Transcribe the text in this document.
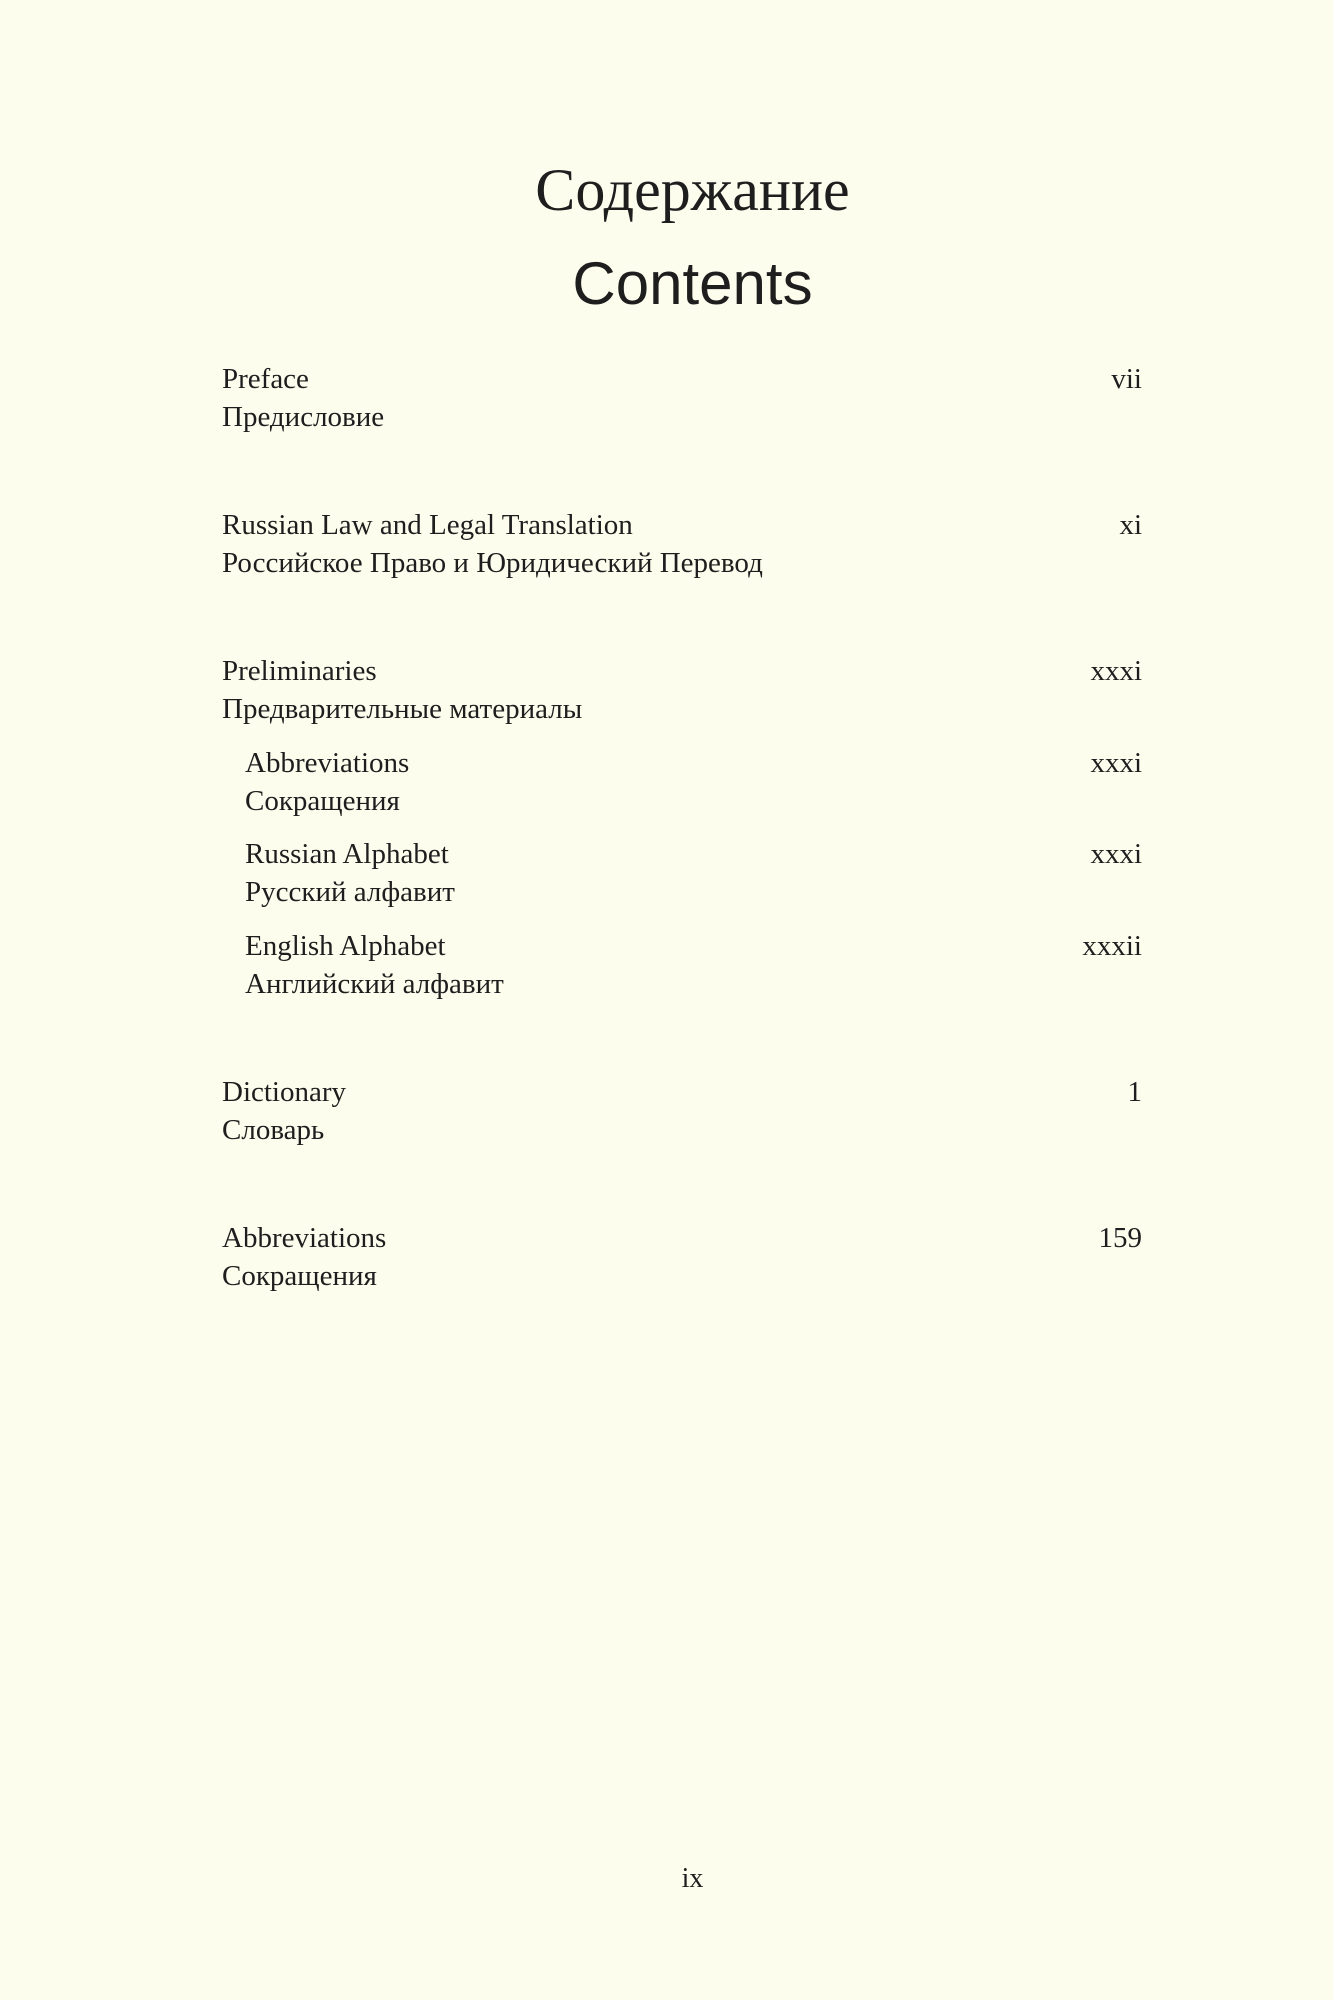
Содержание
Contents
Preface
Предисловие
vii
Russian Law and Legal Translation
Российское Право и Юридический Перевод
xi
Preliminaries
Предварительные материалы
xxxi
Abbreviations
Сокращения
xxxi
Russian Alphabet
Русский алфавит
xxxi
English Alphabet
Английский алфавит
xxxii
Dictionary
Словарь
1
Abbreviations
Сокращения
159
ix
